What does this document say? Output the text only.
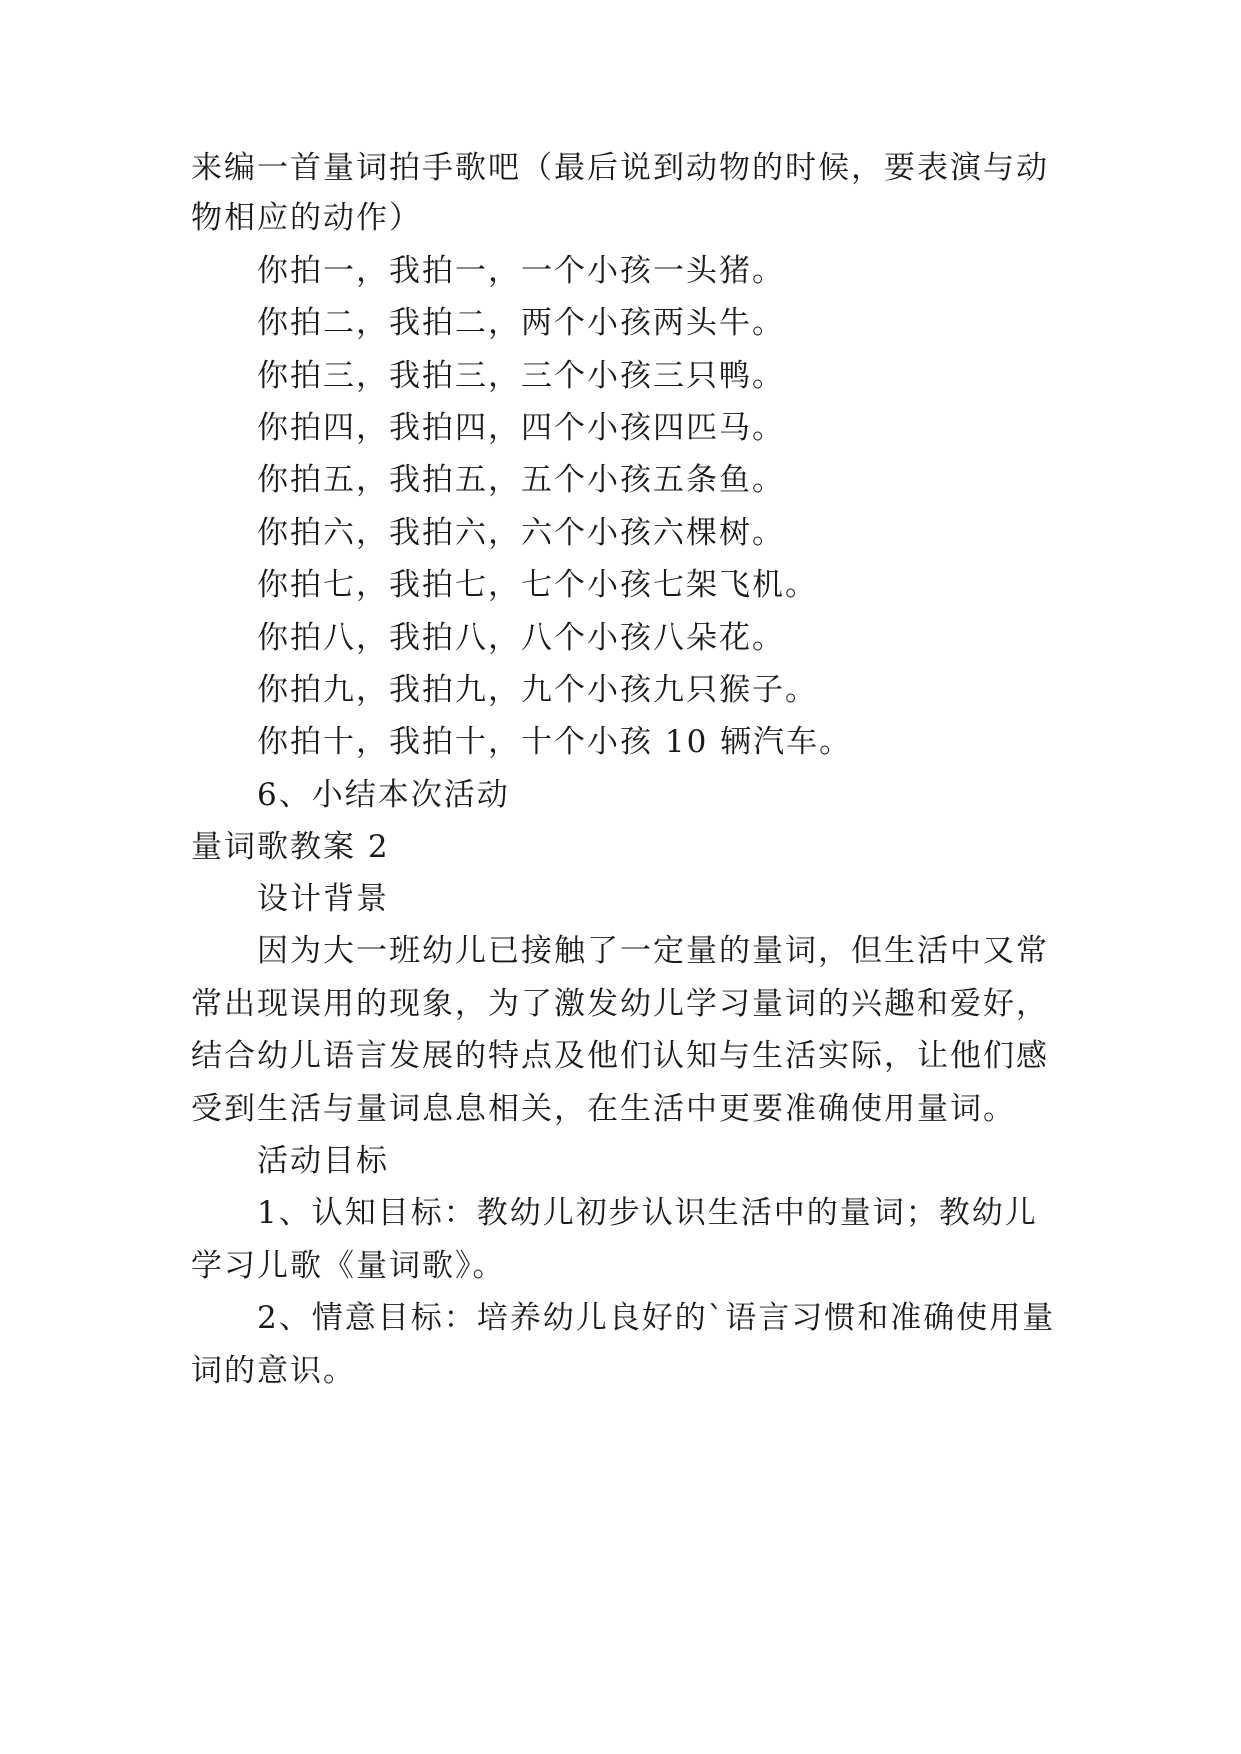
来编一首量词拍手歌吧（最后说到动物的时候，要表演与动
物相应的动作）
你拍一，我拍一，一个小孩一头猪。
你拍二，我拍二，两个小孩两头牛。
你拍三，我拍三，三个小孩三只鸭。
你拍四，我拍四，四个小孩四匹马。
你拍五，我拍五，五个小孩五条鱼。
你拍六，我拍六，六个小孩六棵树。
你拍七，我拍七，七个小孩七架飞机。
你拍八，我拍八，八个小孩八朵花。
你拍九，我拍九，九个小孩九只猴子。
你拍十，我拍十，十个小孩 10 辆汽车。
6、小结本次活动
量词歌教案 2
设计背景
因为大一班幼儿已接触了一定量的量词，但生活中又常
常出现误用的现象，为了激发幼儿学习量词的兴趣和爱好，
结合幼儿语言发展的特点及他们认知与生活实际，让他们感
受到生活与量词息息相关，在生活中更要准确使用量词。
活动目标
1、认知目标：教幼儿初步认识生活中的量词；教幼儿
学习儿歌《量词歌》。
2、情意目标：培养幼儿良好的`语言习惯和准确使用量
词的意识。
